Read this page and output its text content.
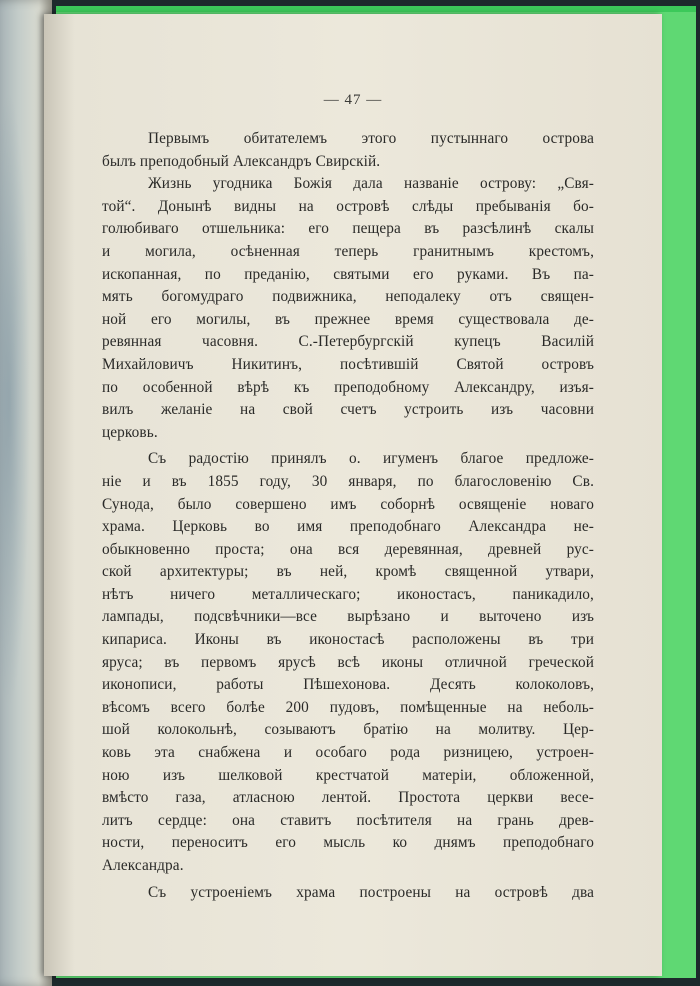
— 47 —
Первымъ обитателемъ этого пустыннаго острова
былъ преподобный Александръ Свирскій.
Жизнь угодника Божія дала названіе острову: „Свя-
той“. Донынѣ видны на островѣ слѣды пребыванія бо-
голюбиваго отшельника: его пещера въ разсѣлинѣ скалы
и могила, осѣненная теперь гранитнымъ крестомъ,
ископанная, по преданію, святыми его руками. Въ па-
мять богомудраго подвижника, неподалеку отъ священ-
ной его могилы, въ прежнее время существовала де-
ревянная часовня. С.-Петербургскій купецъ Василій
Михайловичъ Никитинъ, посѣтившій Святой островъ
по особенной вѣрѣ къ преподобному Александру, изъя-
вилъ желаніе на свой счетъ устроить изъ часовни
церковь.
Съ радостію принялъ о. игуменъ благое предложе-
ніе и въ 1855 году, 30 января, по благословенію Св.
Сунода, было совершено имъ соборнѣ освященіе новаго
храма. Церковь во имя преподобнаго Александра не-
обыкновенно проста; она вся деревянная, древней рус-
ской архитектуры; въ ней, кромѣ священной утвари,
нѣтъ ничего металлическаго; иконостасъ, паникадило,
лампады, подсвѣчники—все вырѣзано и выточено изъ
кипариса. Иконы въ иконостасѣ расположены въ три
яруса; въ первомъ ярусѣ всѣ иконы отличной греческой
иконописи, работы Пѣшехонова. Десять колоколовъ,
вѣсомъ всего болѣе 200 пудовъ, помѣщенные на неболь-
шой колокольнѣ, созываютъ братію на молитву. Цер-
ковь эта снабжена и особаго рода ризницею, устроен-
ною изъ шелковой крестчатой матеріи, обложенной,
вмѣсто газа, атласною лентой. Простота церкви весе-
литъ сердце: она ставитъ посѣтителя на грань древ-
ности, переноситъ его мысль ко днямъ преподобнаго
Александра.
Съ устроеніемъ храма построены на островѣ два
